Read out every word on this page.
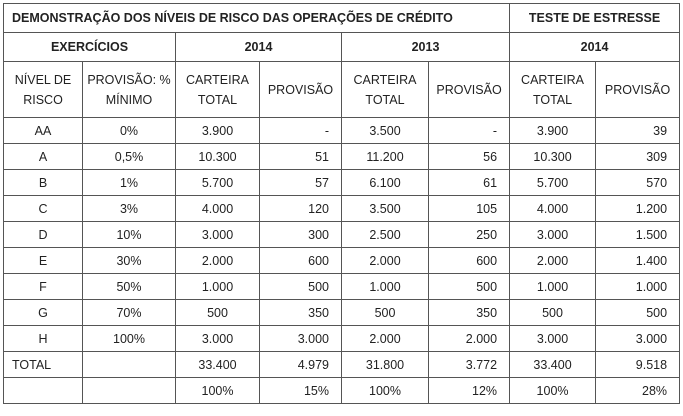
DEMONSTRAÇÃO DOS NÍVEIS DE RISCO DAS OPERAÇÕES DE CRÉDITO						TESTE DE ESTRESSE	
EXERCÍCIOS		2014		2013		2014	
NÍVEL DE RISCO	PROVISÃO: % MÍNIMO	CARTEIRA TOTAL	PROVISÃO	CARTEIRA TOTAL	PROVISÃO	CARTEIRA TOTAL	PROVISÃO
AA	0%	3.900	-	3.500	-	3.900	39
A	0,5%	10.300	51	11.200	56	10.300	309
B	1%	5.700	57	6.100	61	5.700	570
C	3%	4.000	120	3.500	105	4.000	1.200
D	10%	3.000	300	2.500	250	3.000	1.500
E	30%	2.000	600	2.000	600	2.000	1.400
F	50%	1.000	500	1.000	500	1.000	1.000
G	70%	500	350	500	350	500	500
H	100%	3.000	3.000	2.000	2.000	3.000	3.000
TOTAL		33.400	4.979	31.800	3.772	33.400	9.518
		100%	15%	100%	12%	100%	28%
